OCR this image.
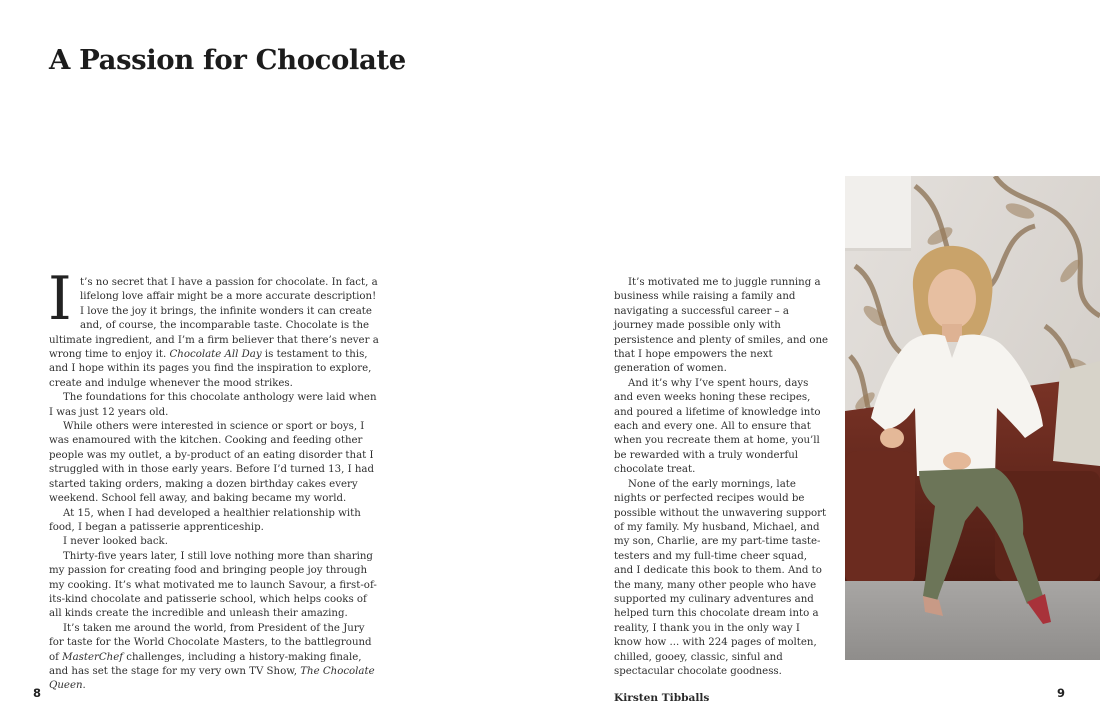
A Passion for Chocolate

It’s no secret that I have a passion for chocolate. In fact, a lifelong love affair might be a more accurate description! I love the joy it brings, the infinite wonders it can create and, of course, the incomparable taste. Chocolate is the ultimate ingredient, and I’m a firm believer that there’s never a wrong time to enjoy it. Chocolate All Day is testament to this, and I hope within its pages you find the inspiration to explore, create and indulge whenever the mood strikes.

The foundations for this chocolate anthology were laid when I was just 12 years old.

While others were interested in science or sport or boys, I was enamoured with the kitchen. Cooking and feeding other people was my outlet, a by-product of an eating disorder that I struggled with in those early years. Before I’d turned 13, I had started taking orders, making a dozen birthday cakes every weekend. School fell away, and baking became my world.

At 15, when I had developed a healthier relationship with food, I began a patisserie apprenticeship.

I never looked back.

Thirty-five years later, I still love nothing more than sharing my passion for creating food and bringing people joy through my cooking. It’s what motivated me to launch Savour, a first-of-its-kind chocolate and patisserie school, which helps cooks of all kinds create the incredible and unleash their amazing.

It’s taken me around the world, from President of the Jury for taste for the World Chocolate Masters, to the battleground of MasterChef challenges, including a history-making finale, and has set the stage for my very own TV Show, The Chocolate Queen.

It’s motivated me to juggle running a business while raising a family and navigating a successful career – a journey made possible only with persistence and plenty of smiles, and one that I hope empowers the next generation of women.

And it’s why I’ve spent hours, days and even weeks honing these recipes, and poured a lifetime of knowledge into each and every one. All to ensure that when you recreate them at home, you’ll be rewarded with a truly wonderful chocolate treat.

None of the early mornings, late nights or perfected recipes would be possible without the unwavering support of my family. My husband, Michael, and my son, Charlie, are my part-time taste-testers and my full-time cheer squad, and I dedicate this book to them. And to the many, many other people who have supported my culinary adventures and helped turn this chocolate dream into a reality, I thank you in the only way I know how ... with 224 pages of molten, chilled, gooey, classic, sinful and spectacular chocolate goodness.

Kirsten Tibballs

8	9
